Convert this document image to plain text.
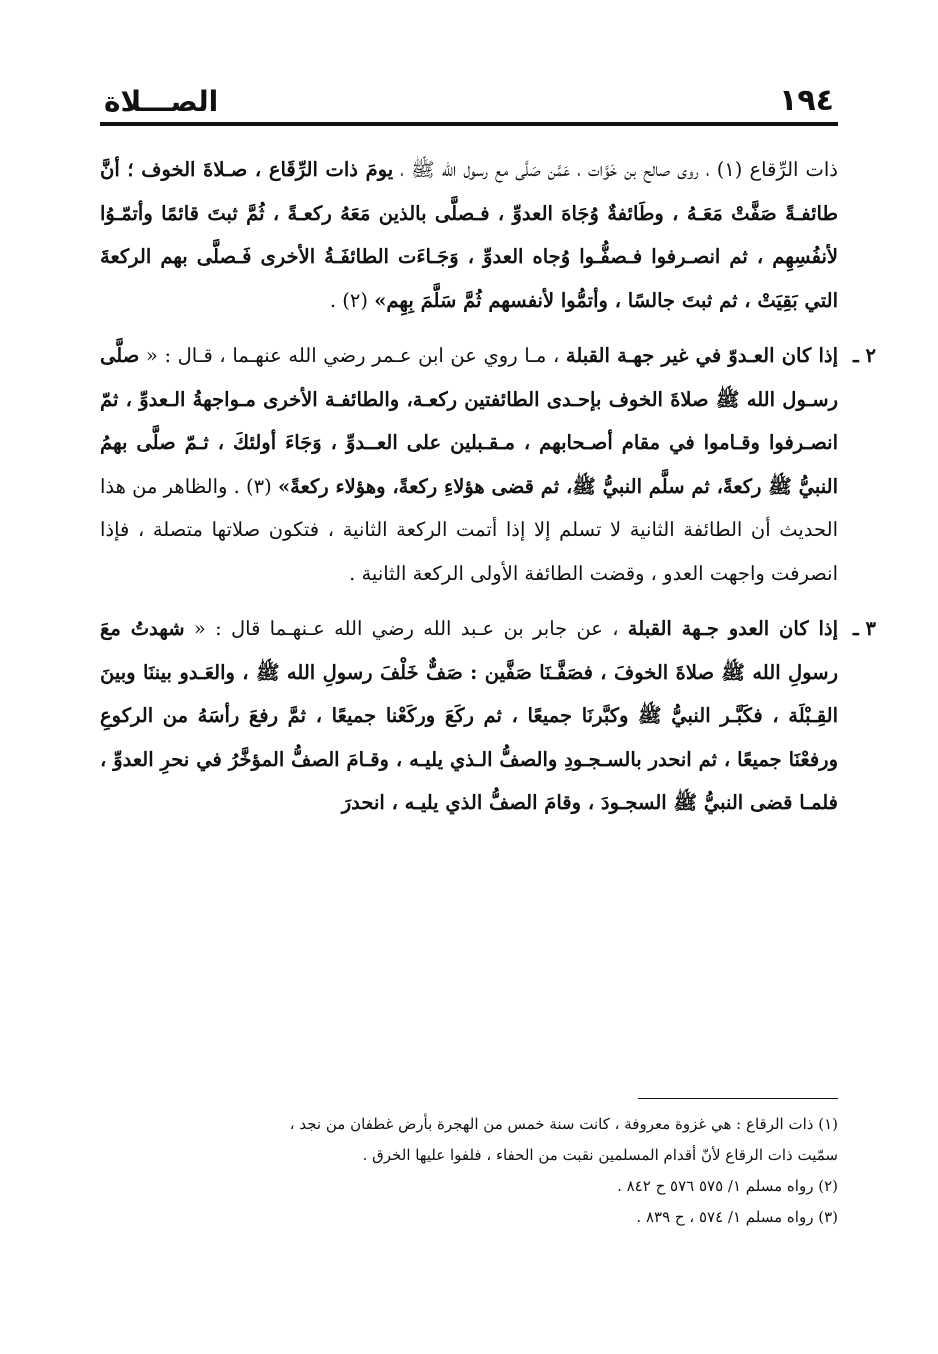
١٩٤
الصـــلاة

ذات الرِّقاع (١) ، روى صالح بن خَوَّات ، عَمَّن صَلَّى مع رسول الله ﷺ ، يومَ ذات الرِّقَاع ، صـلاةَ الخوف ؛ أنَّ طائفـةً صَفَّتْ مَعَـهُ ، وطَائفةٌ وُجَاهَ العدوِّ ، فـصلَّى بالذين مَعَهُ ركعـةً ، ثُمَّ ثبتَ قائمًا وأتمّـوُا لأنفُسِهِم ، ثم انصـرفوا فـصفُّـوا وُجاه العدوِّ ، وَجَـاءَت الطائفَـةُ الأخرى فَـصلَّى بهم الركعةَ التي بَقِيَتْ ، ثم ثبتَ جالسًا ، وأتمُّوا لأنفسهم ثُمَّ سَلَّمَ بِهِم» (٢) .

٢ ـ

إذا كان العـدوّ في غير جهـة القبلة ، مـا روي عن ابن عـمر رضي الله عنهـما ، قـال : « صلَّى رسـول الله ﷺ صلاةَ الخوف بإحـدى الطائفتين ركعـة، والطائفـة الأخرى مـواجهةُ الـعدوِّ ، ثمّ انصـرفوا وقـاموا في مقام أصـحابهم ، مـقـبلين على العــدوِّ ، وَجَاءَ أولئكَ ، ثـمّ صلَّى بهمُ النبيُّ ﷺ ركعةً، ثم سلَّم النبيُّ ﷺ، ثم قضى هؤلاءِ ركعةً، وهؤلاء ركعةً» (٣) . والظاهر من هذا الحديث أن الطائفة الثانية لا تسلم إلا إذا أتمت الركعة الثانية ، فتكون صلاتها متصلة ، فإذا انصرفت واجهت العدو ، وقضت الطائفة الأولى الركعة الثانية .

٣ ـ

إذا كان العدو جـهة القبلة ، عن جابر بن عـبد الله رضي الله عـنهـما قال : « شهدتُ معَ رسولِ الله ﷺ صلاةَ الخوفَ ، فصَفَّـنَا صَفَّين : صَفٌّ خَلْفَ رسولِ الله ﷺ ، والعَـدو بيننَا وبينَ القِـبْلَة ، فكَبَّـر النبيُّ ﷺ وكبَّرنَا جميعًا ، ثم ركَعَ وركَعْنا جميعًا ، ثمَّ رفعَ رأسَهُ من الركوعِ ورفعْنَا جميعًا ، ثم انحدر بالسـجـودِ والصفُّ الـذي يليـه ، وقـامَ الصفُّ المؤخَّرُ في نحرِ العدوِّ ، فلمـا قضى النبيُّ ﷺ السجـودَ ، وقامَ الصفُّ الذي يليـه ، انحدرَ

(١) ذات الرقاع : هي غزوة معروفة ، كانت سنة خمس من الهجرة بأرض غطفان من نجد ،

سمّيت ذات الرقاع لأنّ أقدام المسلمين نقبت من الحفاء ، فلفوا عليها الخرق .

(٢) رواه مسلم ١/ ٥٧٥ ٥٧٦ ح ٨٤٢ .

(٣) رواه مسلم ١/ ٥٧٤ ، ح ٨٣٩ .
